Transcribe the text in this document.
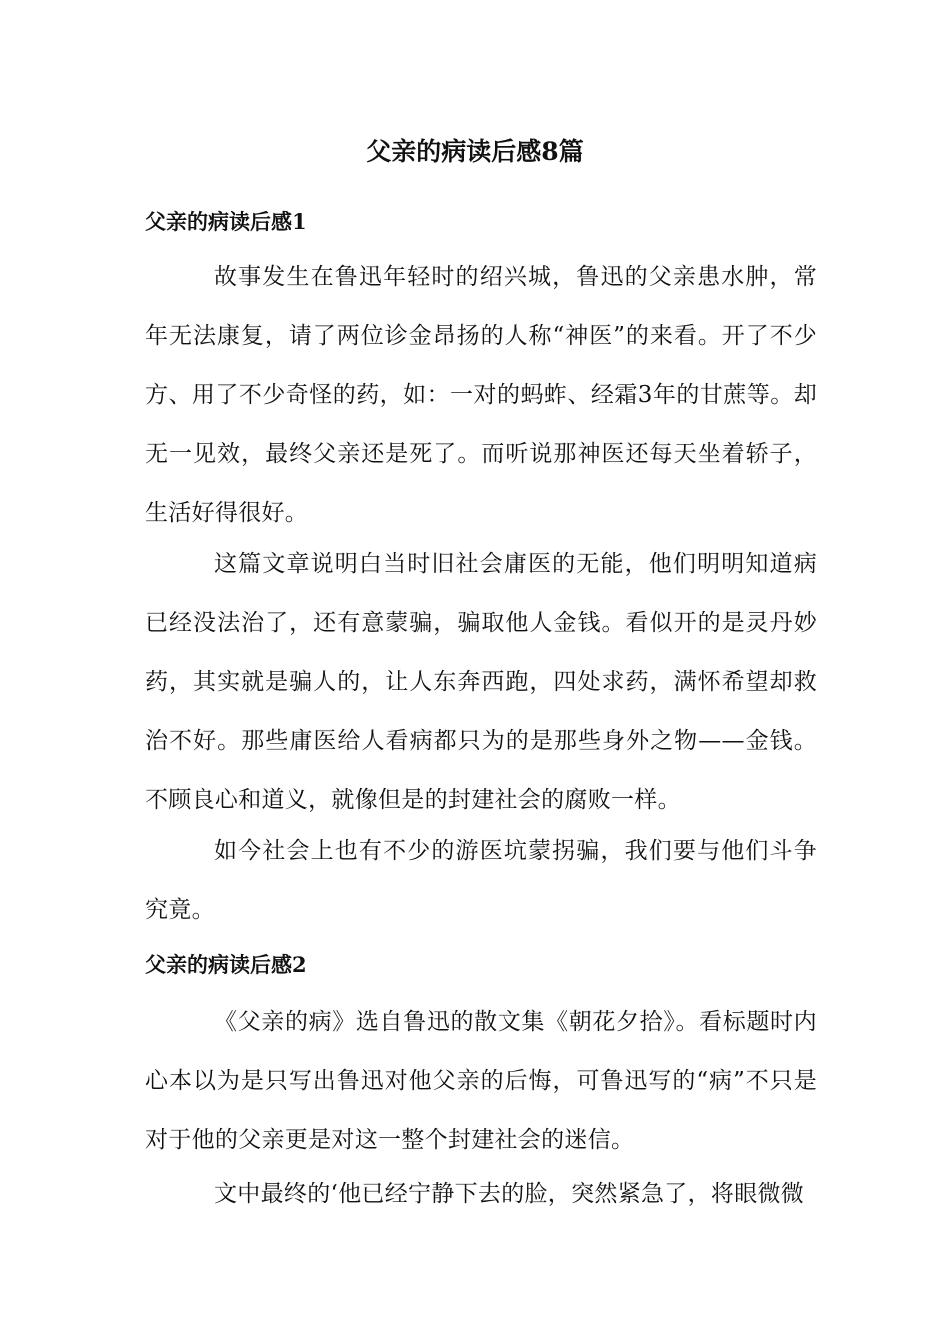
父亲的病读后感8篇
父亲的病读后感1

故事发生在鲁迅年轻时的绍兴城，鲁迅的父亲患水肿，常年无法康复，请了两位诊金昂扬的人称“神医”的来看。开了不少方、用了不少奇怪的药，如：一对的蚂蚱、经霜3年的甘蔗等。却无一见效，最终父亲还是死了。而听说那神医还每天坐着轿子，生活好得很好。

这篇文章说明白当时旧社会庸医的无能，他们明明知道病已经没法治了，还有意蒙骗，骗取他人金钱。看似开的是灵丹妙药，其实就是骗人的，让人东奔西跑，四处求药，满怀希望却救治不好。那些庸医给人看病都只为的是那些身外之物——金钱。不顾良心和道义，就像但是的封建社会的腐败一样。

如今社会上也有不少的游医坑蒙拐骗，我们要与他们斗争究竟。

父亲的病读后感2

《父亲的病》选自鲁迅的散文集《朝花夕拾》。看标题时内心本以为是只写出鲁迅对他父亲的后悔，可鲁迅写的“病”不只是对于他的父亲更是对这一整个封建社会的迷信。

文中最终的‘他已经宁静下去的脸，突然紧急了，将眼微微
